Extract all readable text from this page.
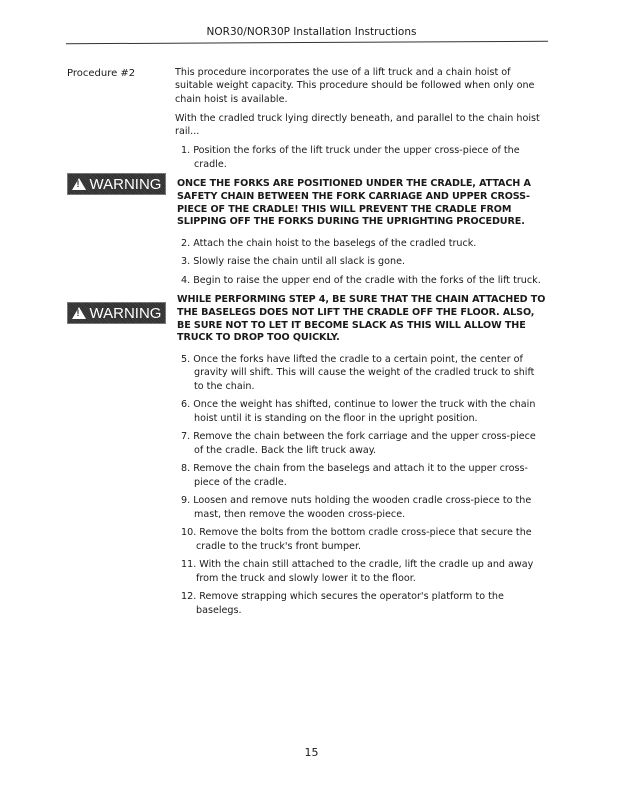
NOR30/NOR30P Installation Instructions
Procedure #2	This procedure incorporates the use of a lift truck and a chain hoist of suitable weight capacity. This procedure should be followed when only one chain hoist is available.
With the cradled truck lying directly beneath, and parallel to the chain hoist rail...
1. Position the forks of the lift truck under the upper cross-piece of the cradle.
! WARNING ONCE THE FORKS ARE POSITIONED UNDER THE CRADLE, ATTACH A SAFETY CHAIN BETWEEN THE FORK CARRIAGE AND UPPER CROSS-PIECE OF THE CRADLE! THIS WILL PREVENT THE CRADLE FROM SLIPPING OFF THE FORKS DURING THE UPRIGHTING PROCEDURE.
2. Attach the chain hoist to the baselegs of the cradled truck.
3. Slowly raise the chain until all slack is gone.
4. Begin to raise the upper end of the cradle with the forks of the lift truck.
! WARNING
WHILE PERFORMING STEP 4, BE SURE THAT THE CHAIN ATTACHED TO THE BASELEGS DOES NOT LIFT THE CRADLE OFF THE FLOOR. ALSO, BE SURE NOT TO LET IT BECOME SLACK AS THIS WILL ALLOW THE TRUCK TO DROP TOO QUICKLY.
5. Once the forks have lifted the cradle to a certain point, the center of gravity will shift. This will cause the weight of the cradled truck to shift to the chain.
6. Once the weight has shifted, continue to lower the truck with the chain hoist until it is standing on the floor in the upright position.
7. Remove the chain between the fork carriage and the upper cross-piece of the cradle. Back the lift truck away.
8. Remove the chain from the baselegs and attach it to the upper cross-piece of the cradle.
9. Loosen and remove nuts holding the wooden cradle cross-piece to the mast, then remove the wooden cross-piece.
10. Remove the bolts from the bottom cradle cross-piece that secure the cradle to the truck's front bumper.
11. With the chain still attached to the cradle, lift the cradle up and away from the truck and slowly lower it to the floor.
12. Remove strapping which secures the operator's platform to the baselegs.
15
